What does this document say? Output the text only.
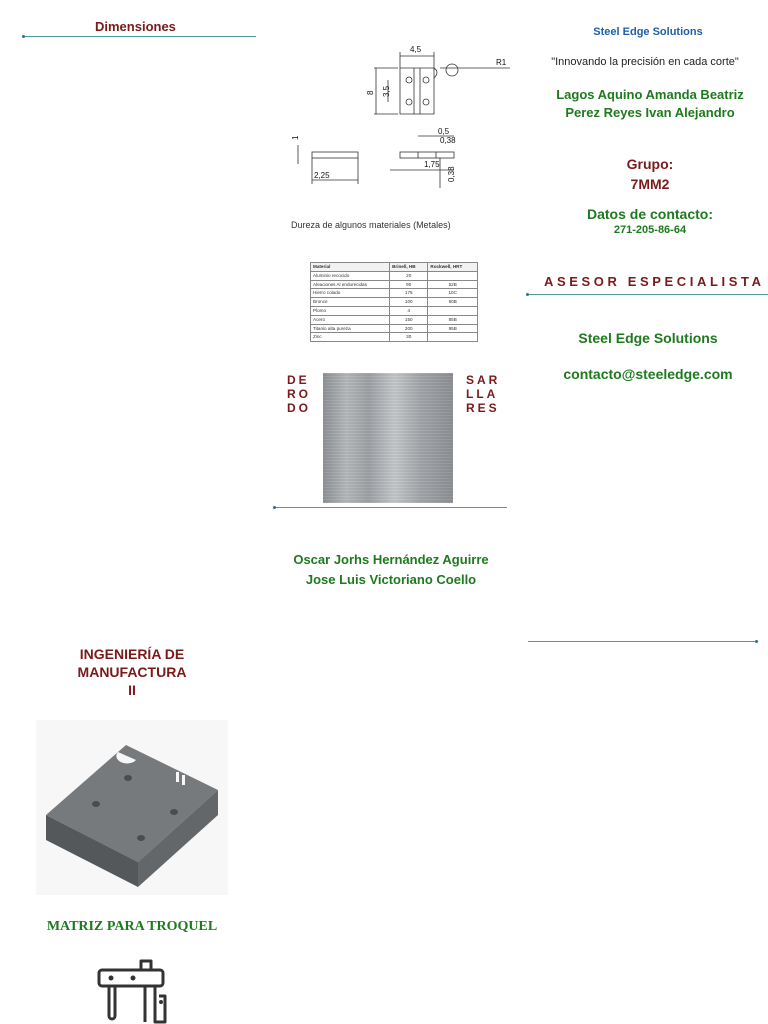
Dimensiones
INGENIERÍA DE
MANUFACTURA
II
MATRIZ PARA TROQUEL
4,5
R1
8 3,5
1
2,25
0,5
0,38
1,75
0,38
Dureza de algunos materiales (Metales)
Material	Brinell, HB	Rockwell, HRT
Aluminio recocido	20	
Aleaciones Al endurecidas	90	52B
Hierro colado	175	10C
Bronce	100	60B
Plomo	4	
Acero	150	85B
Titanio alta pureza	200	95B
Zinc	30	
DE
RO
DO
SAR
LLA
RES
Oscar Jorhs Hernández Aguirre
Jose Luis Victoriano Coello
Steel Edge Solutions
"Innovando la precisión en cada corte"
Lagos Aquino Amanda Beatriz
Perez Reyes Ivan Alejandro
Grupo:
7MM2
Datos de contacto:
271-205-86-64
ASESOR ESPECIALISTA
Steel Edge Solutions
contacto@steeledge.com
